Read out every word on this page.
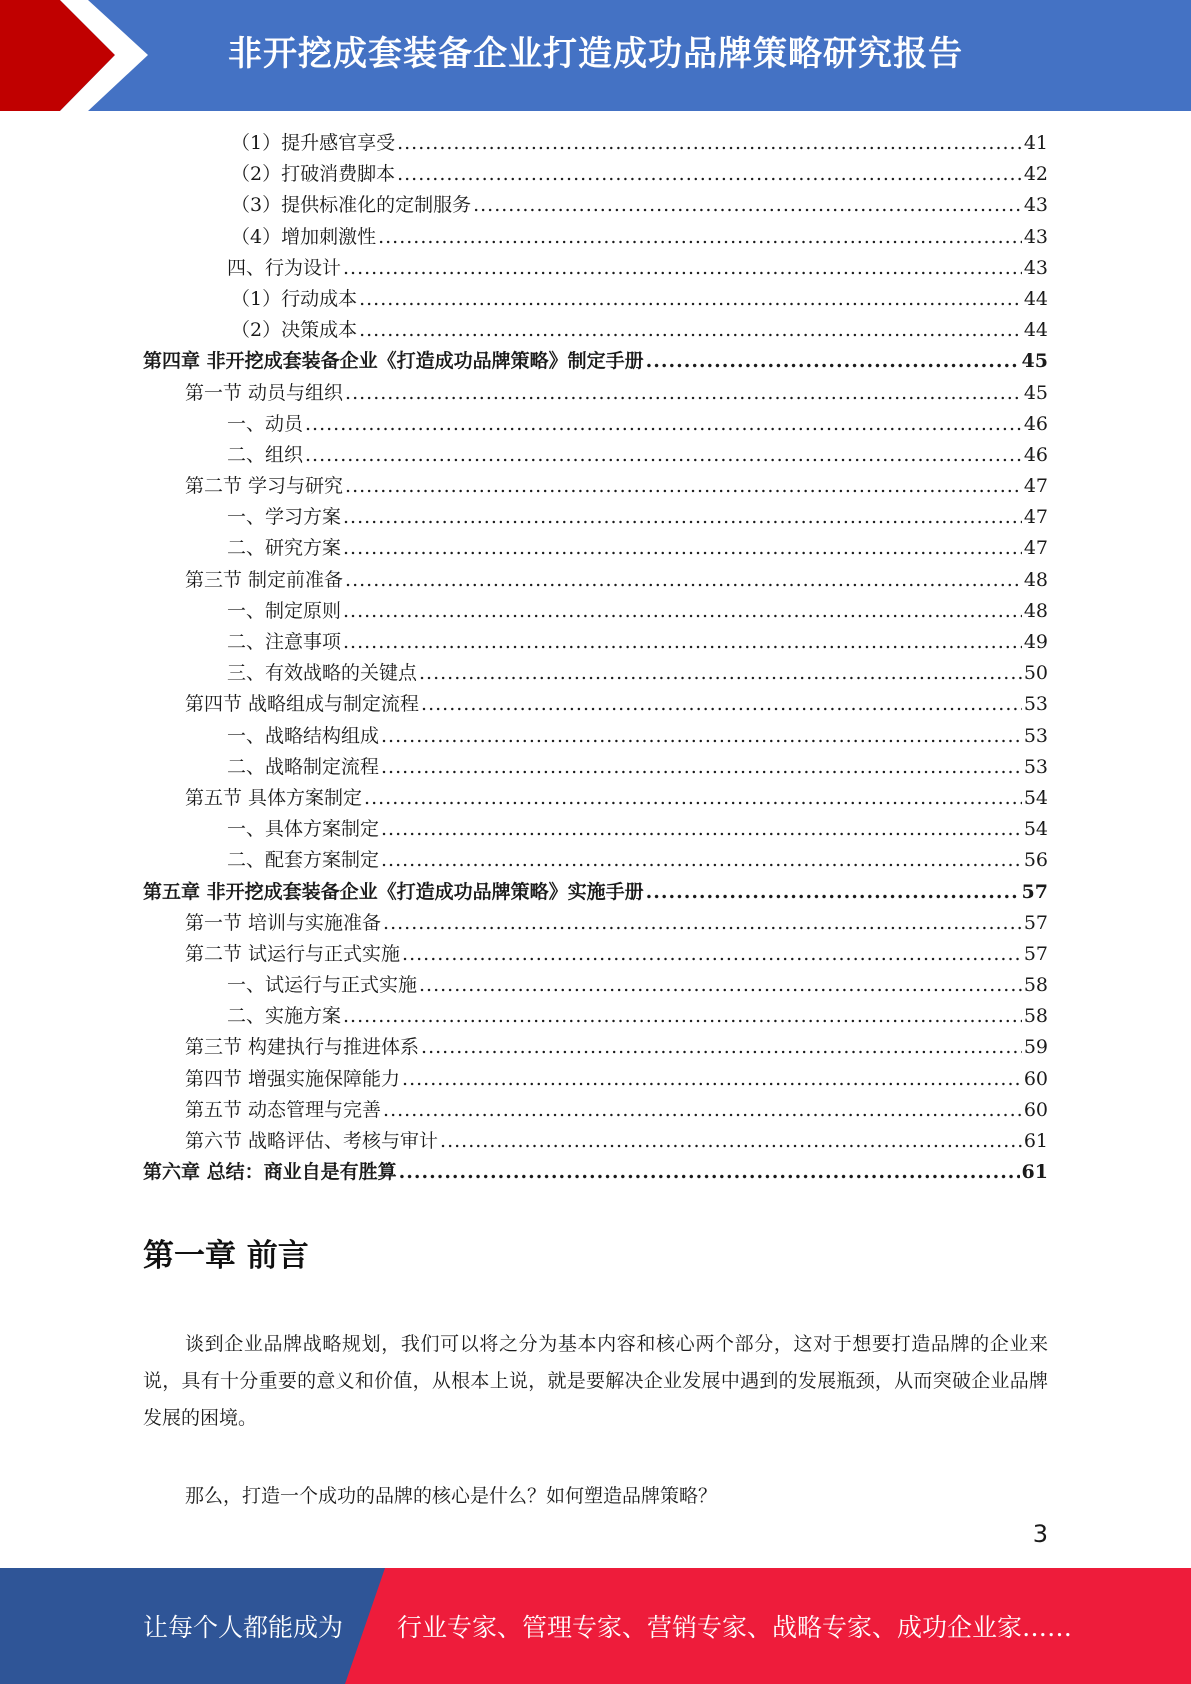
非开挖成套装备企业打造成功品牌策略研究报告
（1）提升感官享受 .....	41
（2）打破消费脚本 .....	42
（3）提供标准化的定制服务 .....	43
（4）增加刺激性 .....	43
四、行为设计 .....	43
（1）行动成本 .....	44
（2）决策成本 .....	44
第四章 非开挖成套装备企业《打造成功品牌策略》制定手册 .....	45
第一节 动员与组织 .....	45
一、动员 .....	46
二、组织 .....	46
第二节 学习与研究 .....	47
一、学习方案 .....	47
二、研究方案 .....	47
第三节 制定前准备 .....	48
一、制定原则 .....	48
二、注意事项 .....	49
三、有效战略的关键点 .....	50
第四节 战略组成与制定流程 .....	53
一、战略结构组成 .....	53
二、战略制定流程 .....	53
第五节 具体方案制定 .....	54
一、具体方案制定 .....	54
二、配套方案制定 .....	56
第五章 非开挖成套装备企业《打造成功品牌策略》实施手册 .....	57
第一节 培训与实施准备 .....	57
第二节 试运行与正式实施 .....	57
一、试运行与正式实施 .....	58
二、实施方案 .....	58
第三节 构建执行与推进体系 .....	59
第四节 增强实施保障能力 .....	60
第五节 动态管理与完善 .....	60
第六节 战略评估、考核与审计 .....	61
第六章 总结：商业自是有胜算 .....	61
第一章 前言

谈到企业品牌战略规划，我们可以将之分为基本内容和核心两个部分，这对于想要打造品牌的企业来说，具有十分重要的意义和价值，从根本上说，就是要解决企业发展中遇到的发展瓶颈，从而突破企业品牌发展的困境。

那么，打造一个成功的品牌的核心是什么？如何塑造品牌策略？

3
让每个人都能成为 行业专家、管理专家、营销专家、战略专家、成功企业家……
